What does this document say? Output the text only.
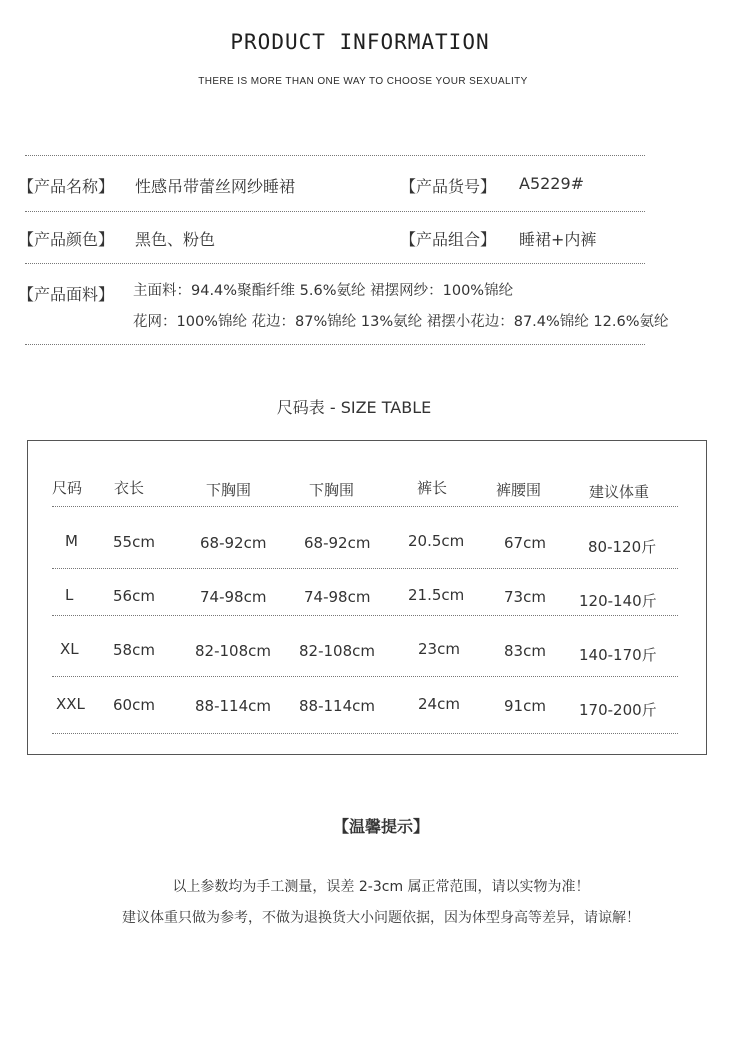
PRODUCT INFORMATION
THERE IS MORE THAN ONE WAY TO CHOOSE YOUR SEXUALITY
【产品名称】 性感吊带蕾丝网纱睡裙	【产品货号】 A5229#
【产品颜色】 黑色、粉色	【产品组合】 睡裙+内裤
【产品面料】 主面料：94.4%聚酯纤维 5.6%氨纶 裙摆网纱：100%锦纶
花网：100%锦纶 花边：87%锦纶 13%氨纶 裙摆小花边：87.4%锦纶 12.6%氨纶
尺码表 - SIZE TABLE
尺码 衣长	下胸围	下胸围	裤长	裤腰围	建议体重
M 55cm	68-92cm	68-92cm	20.5cm	67cm	80-120斤
L	56cm	74-98cm	74-98cm	21.5cm	73cm 120-140斤
XL 58cm	82-108cm 82-108cm	23cm	83cm 140-170斤
XXL 60cm	88-114cm 88-114cm	24cm	91cm 170-200斤
【温馨提示】
以上参数均为手工测量，误差 2-3cm 属正常范围，请以实物为准！
建议体重只做为参考，不做为退换货大小问题依据，因为体型身高等差异，请谅解！
